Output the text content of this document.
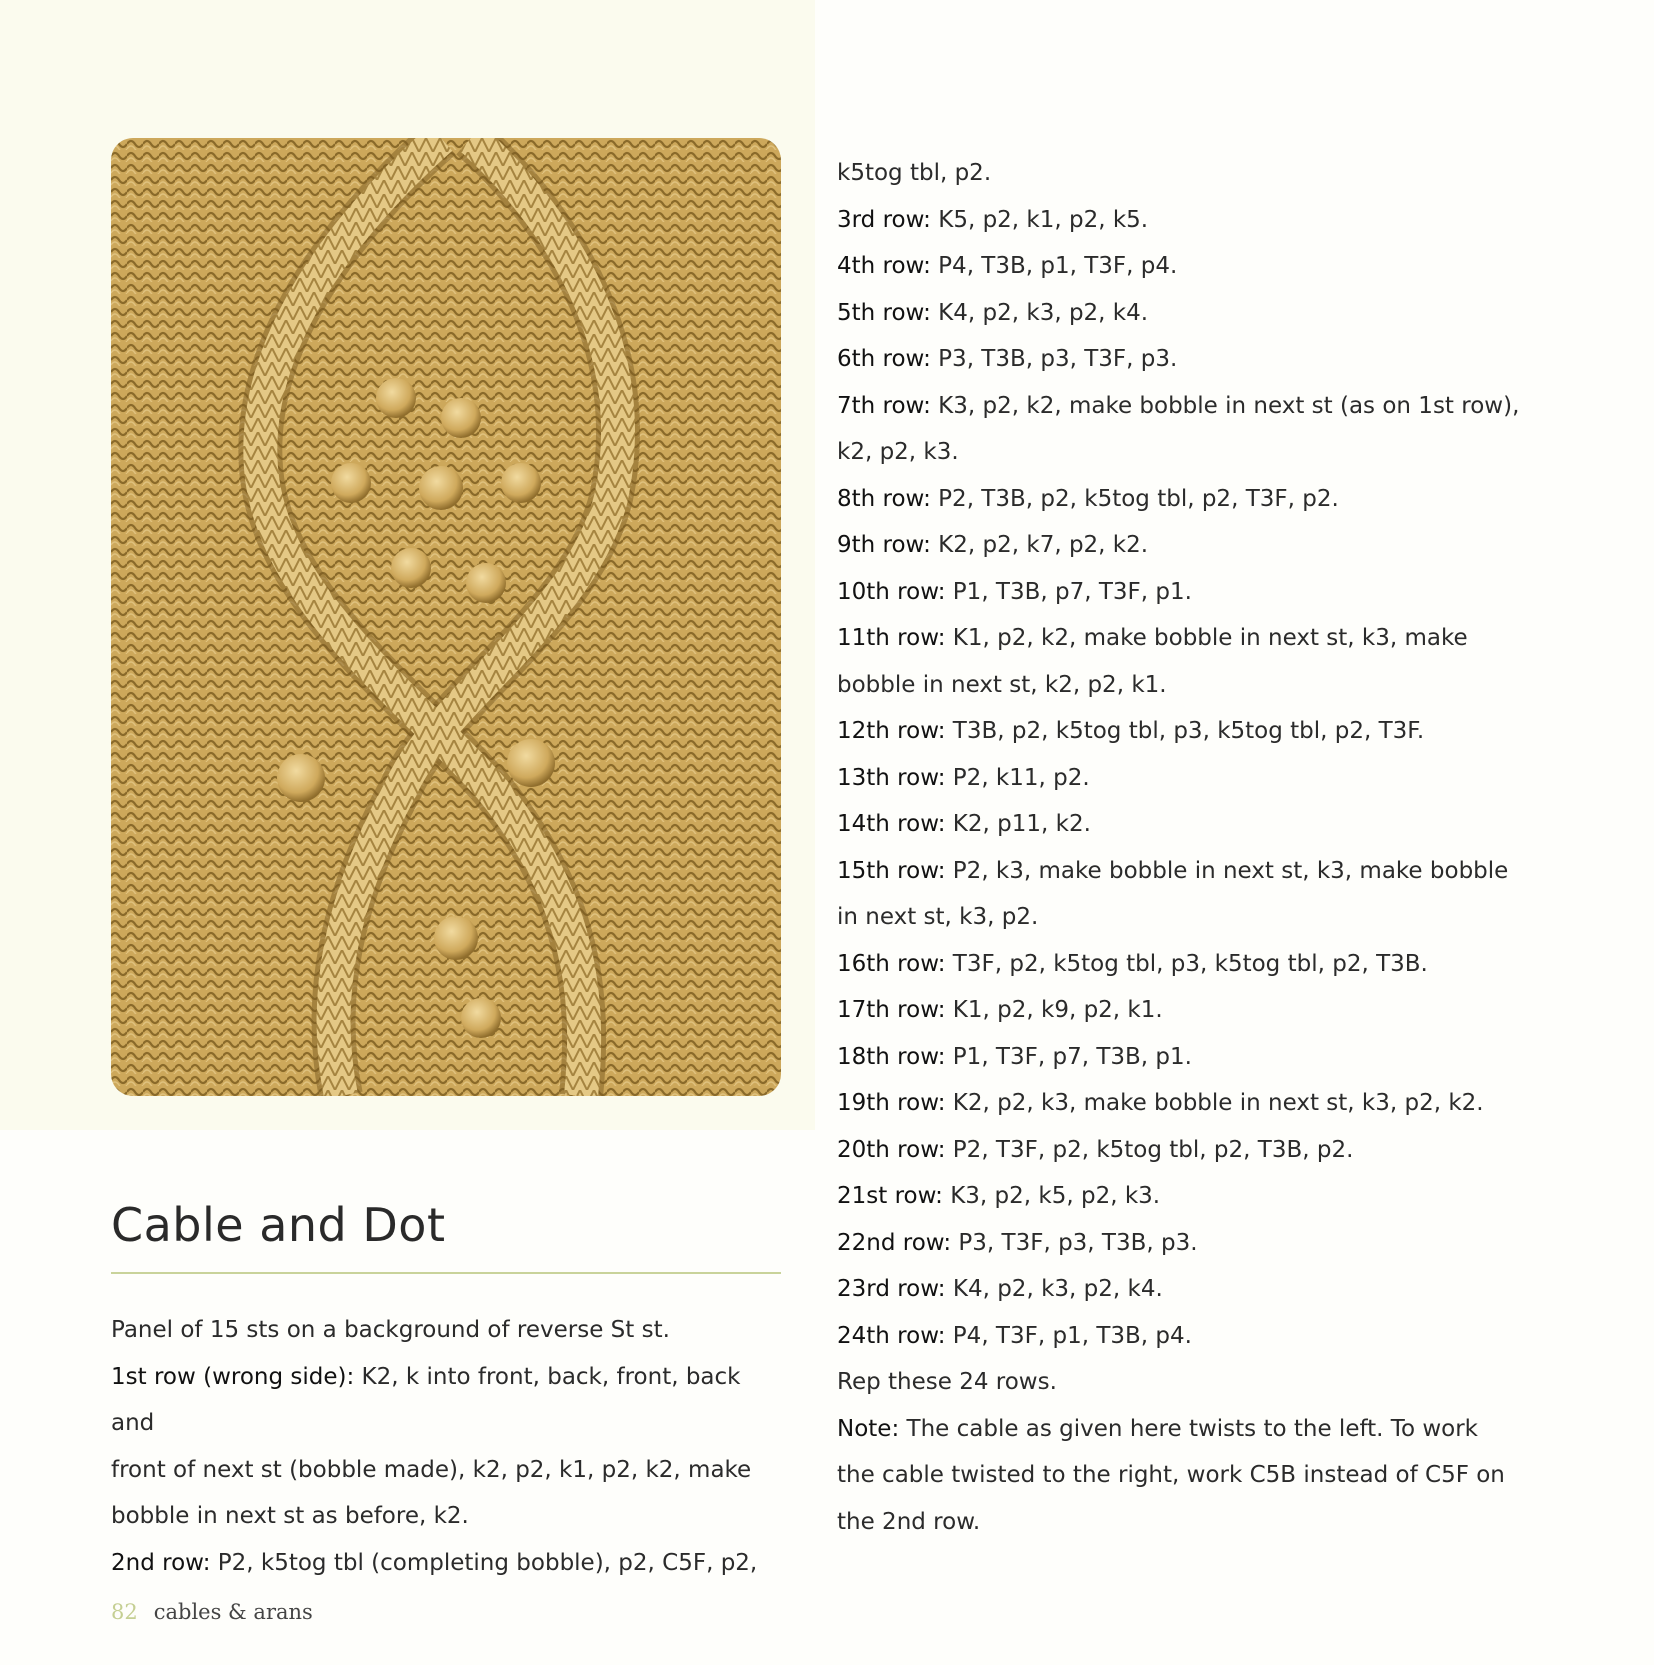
Cable and Dot

Panel of 15 sts on a background of reverse St st.

1st row (wrong side): K2, k into front, back, front, back and

front of next st (bobble made), k2, p2, k1, p2, k2, make

bobble in next st as before, k2.

2nd row: P2, k5tog tbl (completing bobble), p2, C5F, p2,

k5tog tbl, p2.

3rd row: K5, p2, k1, p2, k5.

4th row: P4, T3B, p1, T3F, p4.

5th row: K4, p2, k3, p2, k4.

6th row: P3, T3B, p3, T3F, p3.

7th row: K3, p2, k2, make bobble in next st (as on 1st row),

k2, p2, k3.

8th row: P2, T3B, p2, k5tog tbl, p2, T3F, p2.

9th row: K2, p2, k7, p2, k2.

10th row: P1, T3B, p7, T3F, p1.

11th row: K1, p2, k2, make bobble in next st, k3, make

bobble in next st, k2, p2, k1.

12th row: T3B, p2, k5tog tbl, p3, k5tog tbl, p2, T3F.

13th row: P2, k11, p2.

14th row: K2, p11, k2.

15th row: P2, k3, make bobble in next st, k3, make bobble

in next st, k3, p2.

16th row: T3F, p2, k5tog tbl, p3, k5tog tbl, p2, T3B.

17th row: K1, p2, k9, p2, k1.

18th row: P1, T3F, p7, T3B, p1.

19th row: K2, p2, k3, make bobble in next st, k3, p2, k2.

20th row: P2, T3F, p2, k5tog tbl, p2, T3B, p2.

21st row: K3, p2, k5, p2, k3.

22nd row: P3, T3F, p3, T3B, p3.

23rd row: K4, p2, k3, p2, k4.

24th row: P4, T3F, p1, T3B, p4.

Rep these 24 rows.

Note: The cable as given here twists to the left. To work

the cable twisted to the right, work C5B instead of C5F on

the 2nd row.

82 cables & arans
